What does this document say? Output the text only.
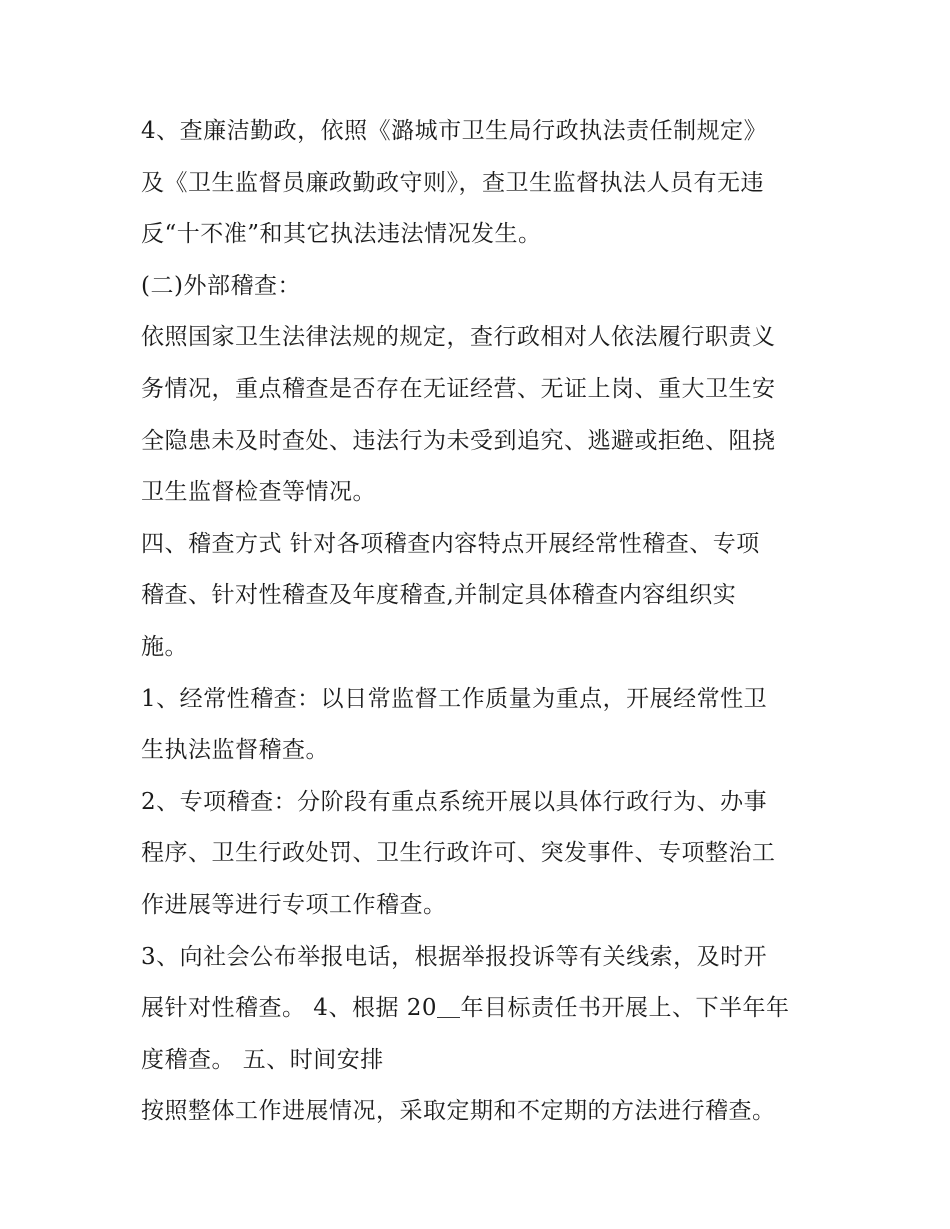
4、查廉洁勤政，依照《潞城市卫生局行政执法责任制规定》
及《卫生监督员廉政勤政守则》，查卫生监督执法人员有无违
反“十不准”和其它执法违法情况发生。
(二)外部稽查：
依照国家卫生法律法规的规定，查行政相对人依法履行职责义
务情况，重点稽查是否存在无证经营、无证上岗、重大卫生安
全隐患未及时查处、违法行为未受到追究、逃避或拒绝、阻挠
卫生监督检查等情况。
四、稽查方式 针对各项稽查内容特点开展经常性稽查、专项
稽查、针对性稽查及年度稽查,并制定具体稽查内容组织实
施。
1、经常性稽查：以日常监督工作质量为重点，开展经常性卫
生执法监督稽查。
2、专项稽查：分阶段有重点系统开展以具体行政行为、办事
程序、卫生行政处罚、卫生行政许可、突发事件、专项整治工
作进展等进行专项工作稽查。
3、向社会公布举报电话，根据举报投诉等有关线索，及时开
展针对性稽查。 4、根据 20＿年目标责任书开展上、下半年年
度稽查。 五、时间安排
按照整体工作进展情况，采取定期和不定期的方法进行稽查。
